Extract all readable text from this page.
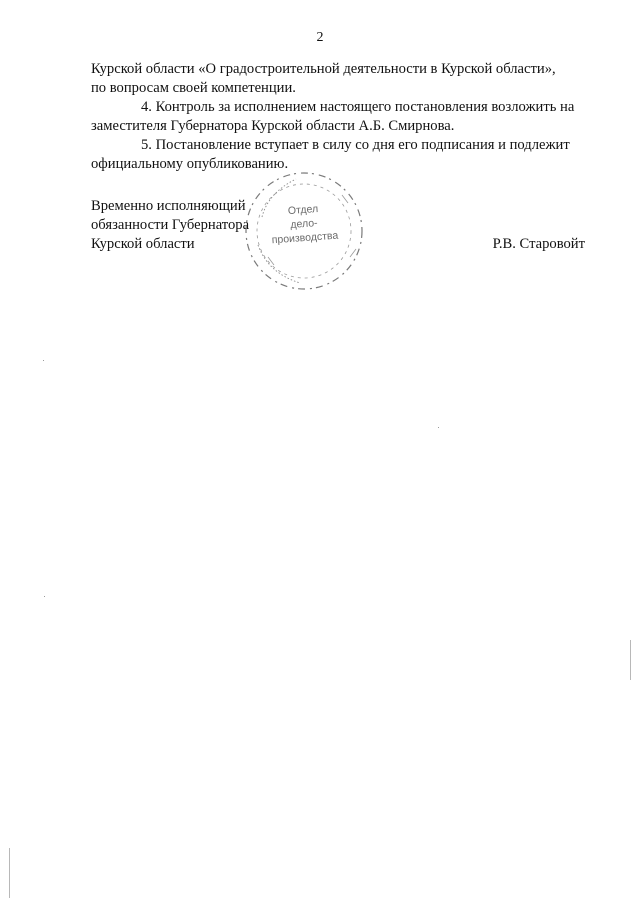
2

Курской области «О градостроительной деятельности в Курской области»,
по вопросам своей компетенции.

4. Контроль за исполнением настоящего постановления возложить на
заместителя Губернатора Курской области А.Б. Смирнова.

5. Постановление вступает в силу со дня его подписания и подлежит
официальному опубликованию.

Отдел
дело-
производства
Временно исполняющий
обязанности Губернатора
Курской области	Р.В. Старовойт
